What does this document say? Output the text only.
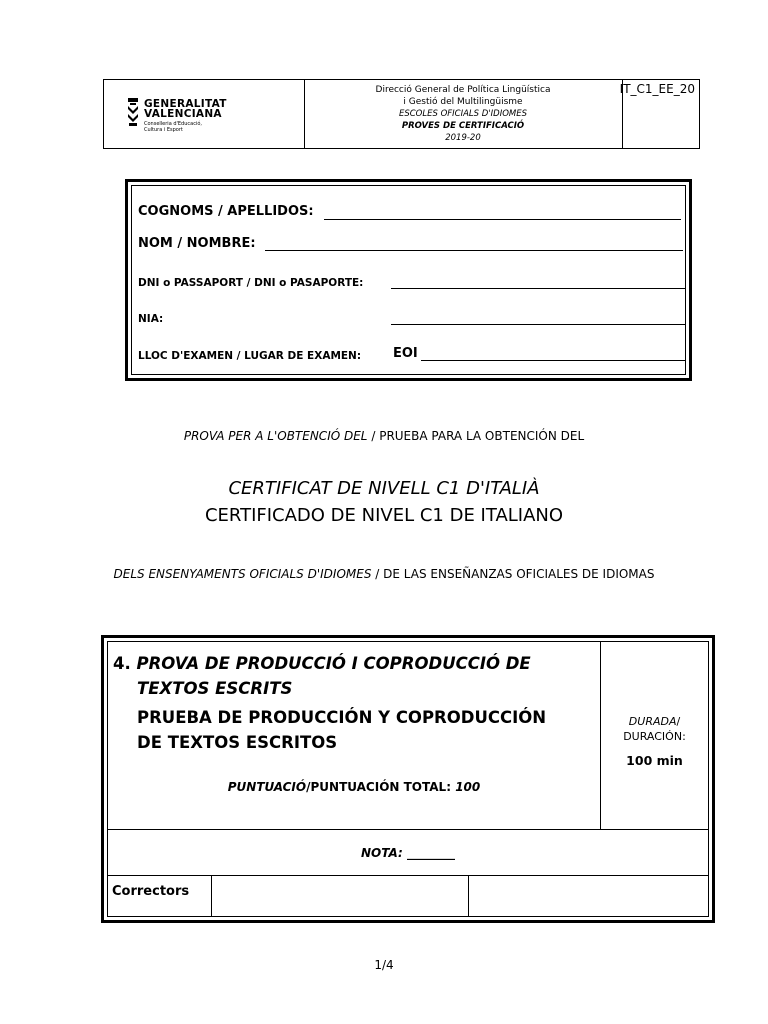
GENERALITAT
VALENCIANA
Conselleria d'Educació,
Cultura i Esport
Direcció General de Política Lingüística
i Gestió del Multilingüisme
ESCOLES OFICIALS D'IDIOMES
PROVES DE CERTIFICACIÓ
2019-20
IT_C1_EE_20
COGNOMS / APELLIDOS:
NOM / NOMBRE:
DNI o PASSAPORT / DNI o PASAPORTE:
NIA:
LLOC D'EXAMEN / LUGAR DE EXAMEN: EOI
PROVA PER A L'OBTENCIÓ DEL / PRUEBA PARA LA OBTENCIÓN DEL
CERTIFICAT DE NIVELL C1 D'ITALIÀ
CERTIFICADO DE NIVEL C1 DE ITALIANO
DELS ENSENYAMENTS OFICIALS D'IDIOMES / DE LAS ENSEÑANZAS OFICIALES DE IDIOMAS
4. PROVA DE PRODUCCIÓ I COPRODUCCIÓ DE
TEXTOS ESCRITS
PRUEBA DE PRODUCCIÓN Y COPRODUCCIÓN
DE TEXTOS ESCRITOS
PUNTUACIÓ/PUNTUACIÓN TOTAL: 100
DURADA/
DURACIÓN:
100 min
NOTA: ________
Correctors
1/4
